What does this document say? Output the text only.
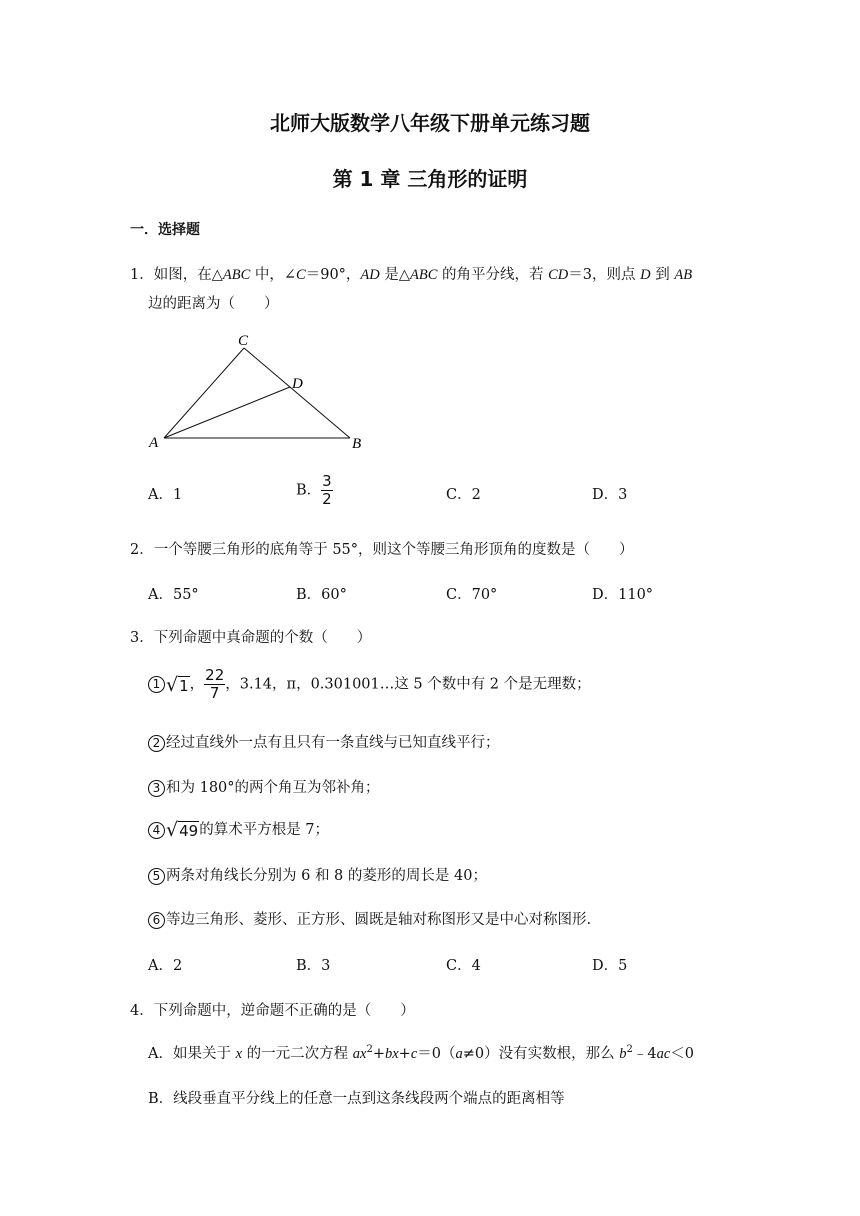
北师大版数学八年级下册单元练习题
第 1 章 三角形的证明
一．选择题
1．如图，在△ABC 中，∠C＝90°，AD 是△ABC 的角平分线，若 CD＝3，则点 D 到 AB
边的距离为（　　）
A	B
C
D
A．1	B． $\frac{3}{2}$	C．2	D．3
2．一个等腰三角形的底角等于 55°，则这个等腰三角形顶角的度数是（　　）
A．55°	B．60°	C．70°	D．110°
3．下列命题中真命题的个数（　　）
1 √1， $\frac{22}{7}$ ，3.14，π，0.301001…这 5 个数中有 2 个是无理数；
2 经过直线外一点有且只有一条直线与已知直线平行；
3 和为 180°的两个角互为邻补角；
4 √49的算术平方根是 7；
5 两条对角线长分别为 6 和 8 的菱形的周长是 40；
6 等边三角形、菱形、正方形、圆既是轴对称图形又是中心对称图形.
A．2	B．3	C．4	D．5
4．下列命题中，逆命题不正确的是（　　）
A．如果关于 x 的一元二次方程 $ax^2+bx+c=0(a\ne 0)$没有实数根，那么 $b^2﹣4ac<0$
B．线段垂直平分线上的任意一点到这条线段两个端点的距离相等
